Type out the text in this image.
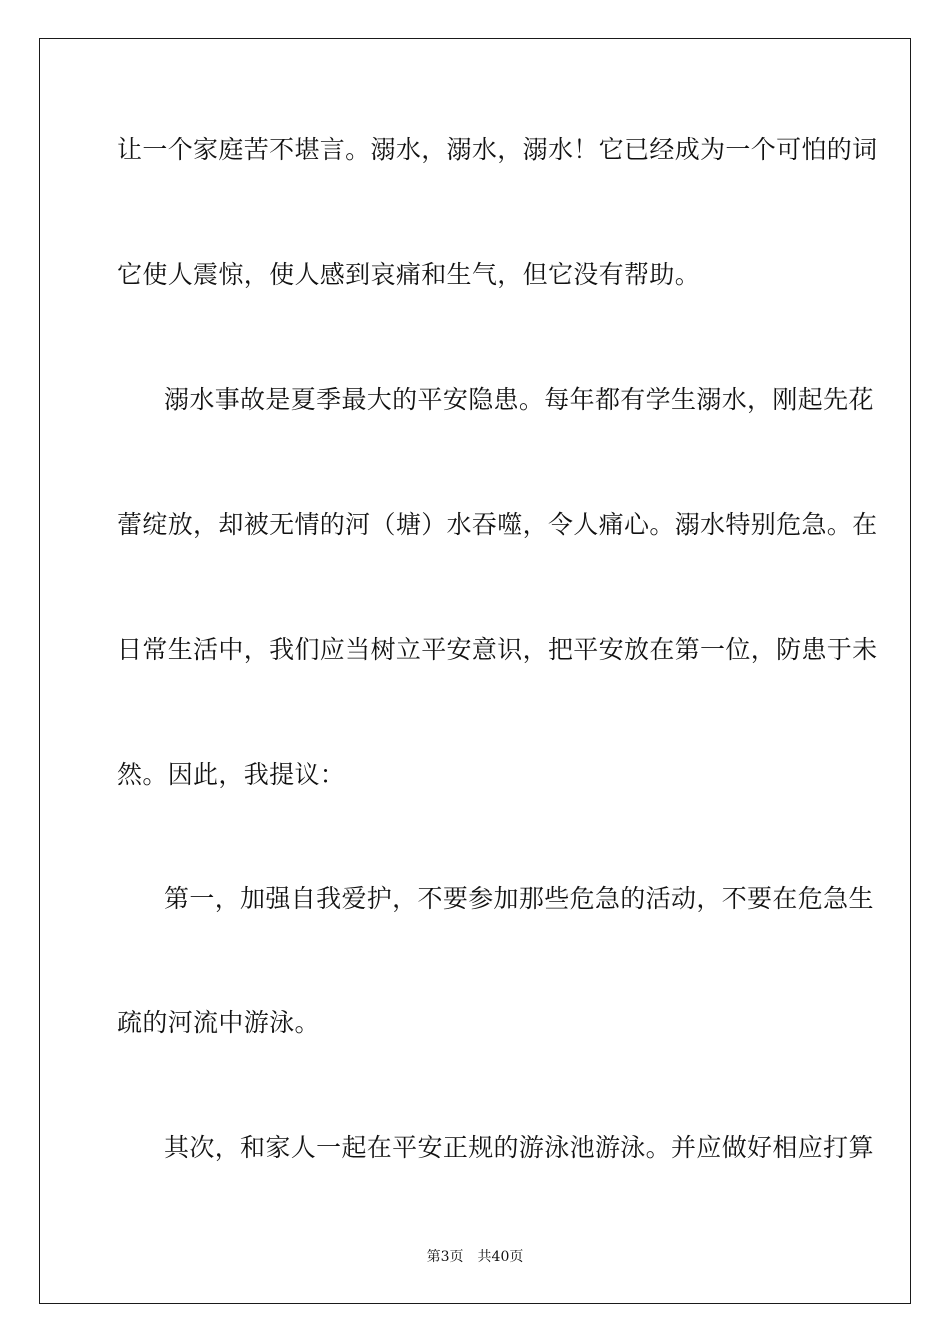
让一个家庭苦不堪言。溺水，溺水，溺水！它已经成为一个可怕的词
它使人震惊，使人感到哀痛和生气，但它没有帮助。
溺水事故是夏季最大的平安隐患。每年都有学生溺水，刚起先花
蕾绽放，却被无情的河（塘）水吞噬，令人痛心。溺水特别危急。在
日常生活中，我们应当树立平安意识，把平安放在第一位，防患于未
然。因此，我提议：
第一，加强自我爱护，不要参加那些危急的活动，不要在危急生
疏的河流中游泳。
其次，和家人一起在平安正规的游泳池游泳。并应做好相应打算
第3页 共40页
